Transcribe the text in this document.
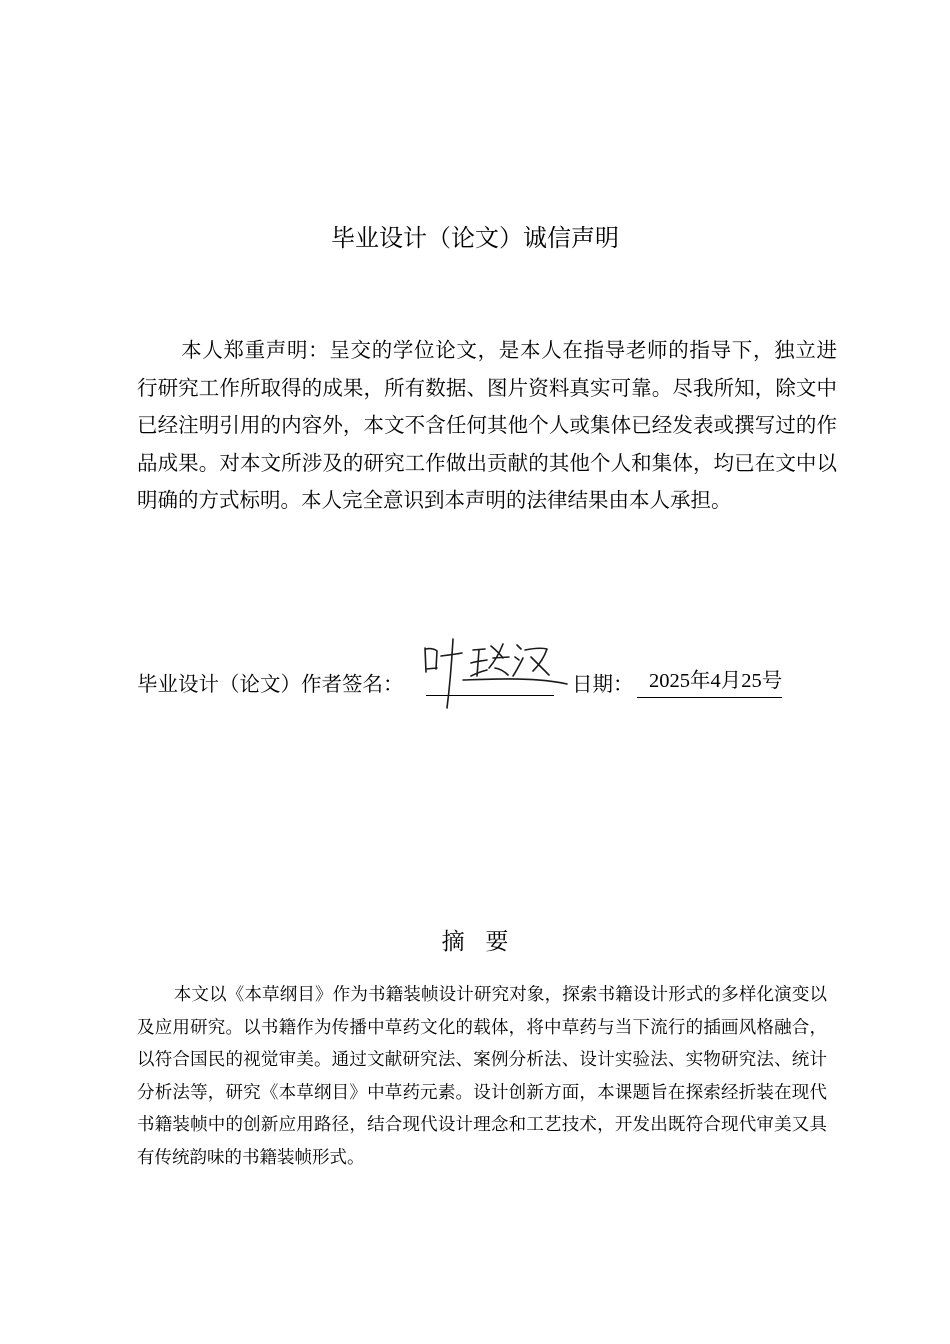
毕业设计（论文）诚信声明

本人郑重声明：呈交的学位论文，是本人在指导老师的指导下，独立进行研究工作所取得的成果，所有数据、图片资料真实可靠。尽我所知，除文中已经注明引用的内容外，本文不含任何其他个人或集体已经发表或撰写过的作品成果。对本文所涉及的研究工作做出贡献的其他个人和集体，均已在文中以明确的方式标明。本人完全意识到本声明的法律结果由本人承担。

毕业设计（论文）作者签名：	日期： 2025年4月25号
摘要

本文以《本草纲目》作为书籍装帧设计研究对象，探索书籍设计形式的多样化演变以及应用研究。以书籍作为传播中草药文化的载体，将中草药与当下流行的插画风格融合，以符合国民的视觉审美。通过文献研究法、案例分析法、设计实验法、实物研究法、统计分析法等，研究《本草纲目》中草药元素。设计创新方面，本课题旨在探索经折装在现代书籍装帧中的创新应用路径，结合现代设计理念和工艺技术，开发出既符合现代审美又具有传统韵味的书籍装帧形式。
